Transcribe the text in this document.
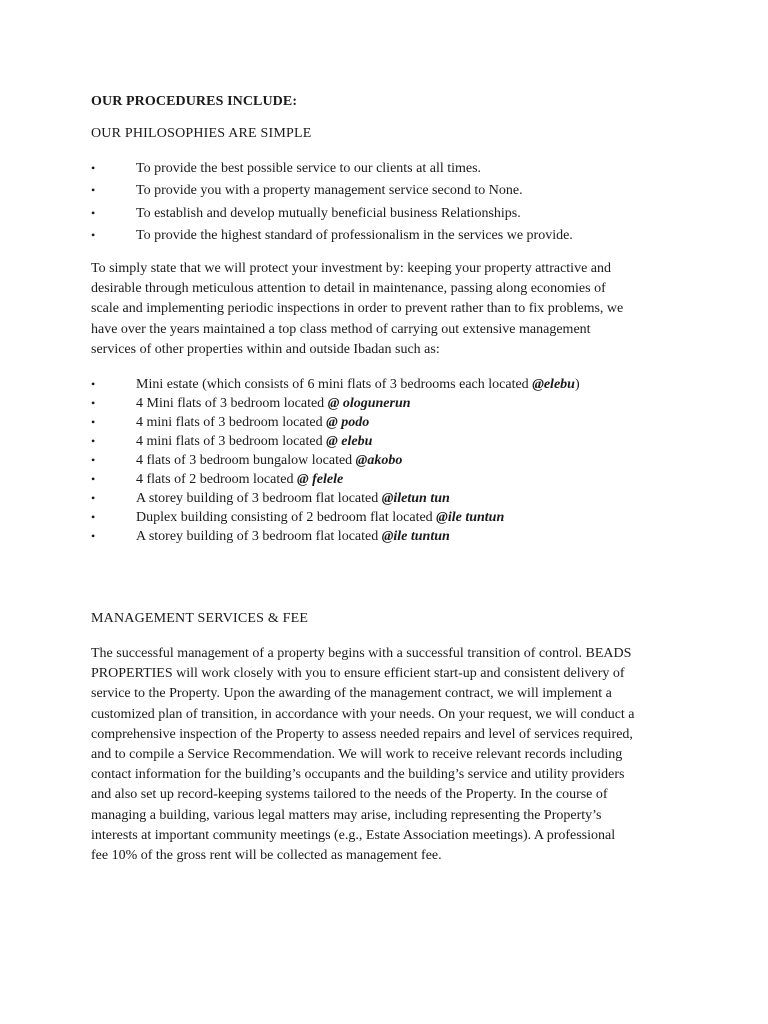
OUR PROCEDURES INCLUDE:
OUR PHILOSOPHIES ARE SIMPLE
•	To provide the best possible service to our clients at all times.
•	To provide you with a property management service second to None.
•	To establish and develop mutually beneficial business Relationships.
•	To provide the highest standard of professionalism in the services we provide.

To simply state that we will protect your investment by: keeping your property attractive and
desirable through meticulous attention to detail in maintenance, passing along economies of
scale and implementing periodic inspections in order to prevent rather than to fix problems, we
have over the years maintained a top class method of carrying out extensive management
services of other properties within and outside Ibadan such as:

•	Mini estate (which consists of 6 mini flats of 3 bedrooms each located @elebu)
•	4 Mini flats of 3 bedroom located @ ologunerun
•	4 mini flats of 3 bedroom located @ podo
•	4 mini flats of 3 bedroom located @ elebu
•	4 flats of 3 bedroom bungalow located @akobo
•	4 flats of 2 bedroom located @ felele
•	A storey building of 3 bedroom flat located @iletun tun
•	Duplex building consisting of 2 bedroom flat located @ile tuntun
•	A storey building of 3 bedroom flat located @ile tuntun
MANAGEMENT SERVICES & FEE

The successful management of a property begins with a successful transition of control. BEADS
PROPERTIES will work closely with you to ensure efficient start-up and consistent delivery of
service to the Property. Upon the awarding of the management contract, we will implement a
customized plan of transition, in accordance with your needs. On your request, we will conduct a
comprehensive inspection of the Property to assess needed repairs and level of services required,
and to compile a Service Recommendation. We will work to receive relevant records including
contact information for the building’s occupants and the building’s service and utility providers
and also set up record-keeping systems tailored to the needs of the Property. In the course of
managing a building, various legal matters may arise, including representing the Property’s
interests at important community meetings (e.g., Estate Association meetings). A professional
fee 10% of the gross rent will be collected as management fee.
